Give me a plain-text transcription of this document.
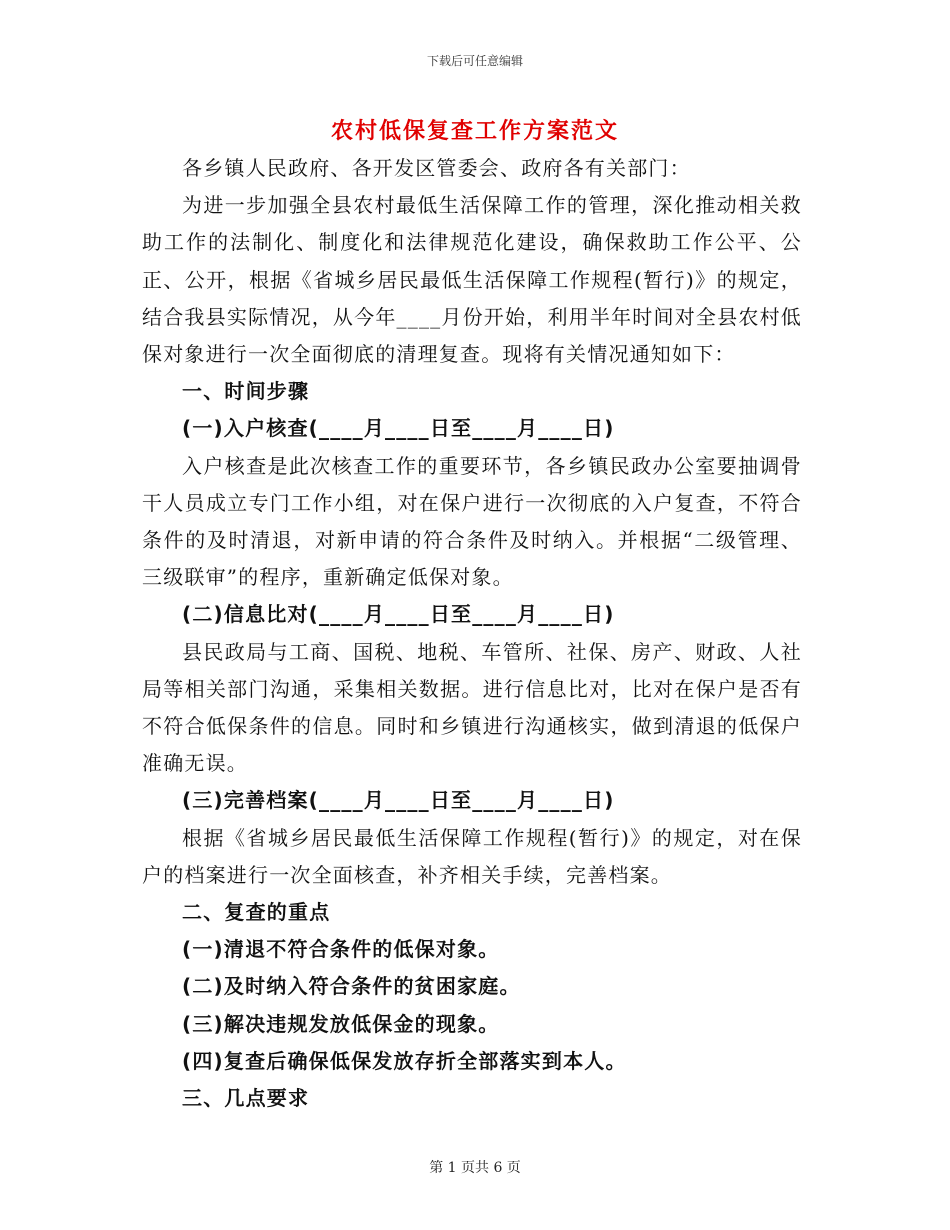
下载后可任意编辑
农村低保复查工作方案范文

各乡镇人民政府、各开发区管委会、政府各有关部门：

为进一步加强全县农村最低生活保障工作的管理，深化推动相关救助工作的法制化、制度化和法律规范化建设，确保救助工作公平、公正、公开，根据《省城乡居民最低生活保障工作规程(暂行)》的规定，结合我县实际情况，从今年____月份开始，利用半年时间对全县农村低保对象进行一次全面彻底的清理复查。现将有关情况通知如下：

一、时间步骤

(一)入户核查(____月____日至____月____日)

入户核查是此次核查工作的重要环节，各乡镇民政办公室要抽调骨干人员成立专门工作小组，对在保户进行一次彻底的入户复查，不符合条件的及时清退，对新申请的符合条件及时纳入。并根据“二级管理、三级联审”的程序，重新确定低保对象。

(二)信息比对(____月____日至____月____日)

县民政局与工商、国税、地税、车管所、社保、房产、财政、人社局等相关部门沟通，采集相关数据。进行信息比对，比对在保户是否有不符合低保条件的信息。同时和乡镇进行沟通核实，做到清退的低保户准确无误。

(三)完善档案(____月____日至____月____日)

根据《省城乡居民最低生活保障工作规程(暂行)》的规定，对在保户的档案进行一次全面核查，补齐相关手续，完善档案。

二、复查的重点

(一)清退不符合条件的低保对象。

(二)及时纳入符合条件的贫困家庭。

(三)解决违规发放低保金的现象。

(四)复查后确保低保发放存折全部落实到本人。

三、几点要求

第 1 页共 6 页
